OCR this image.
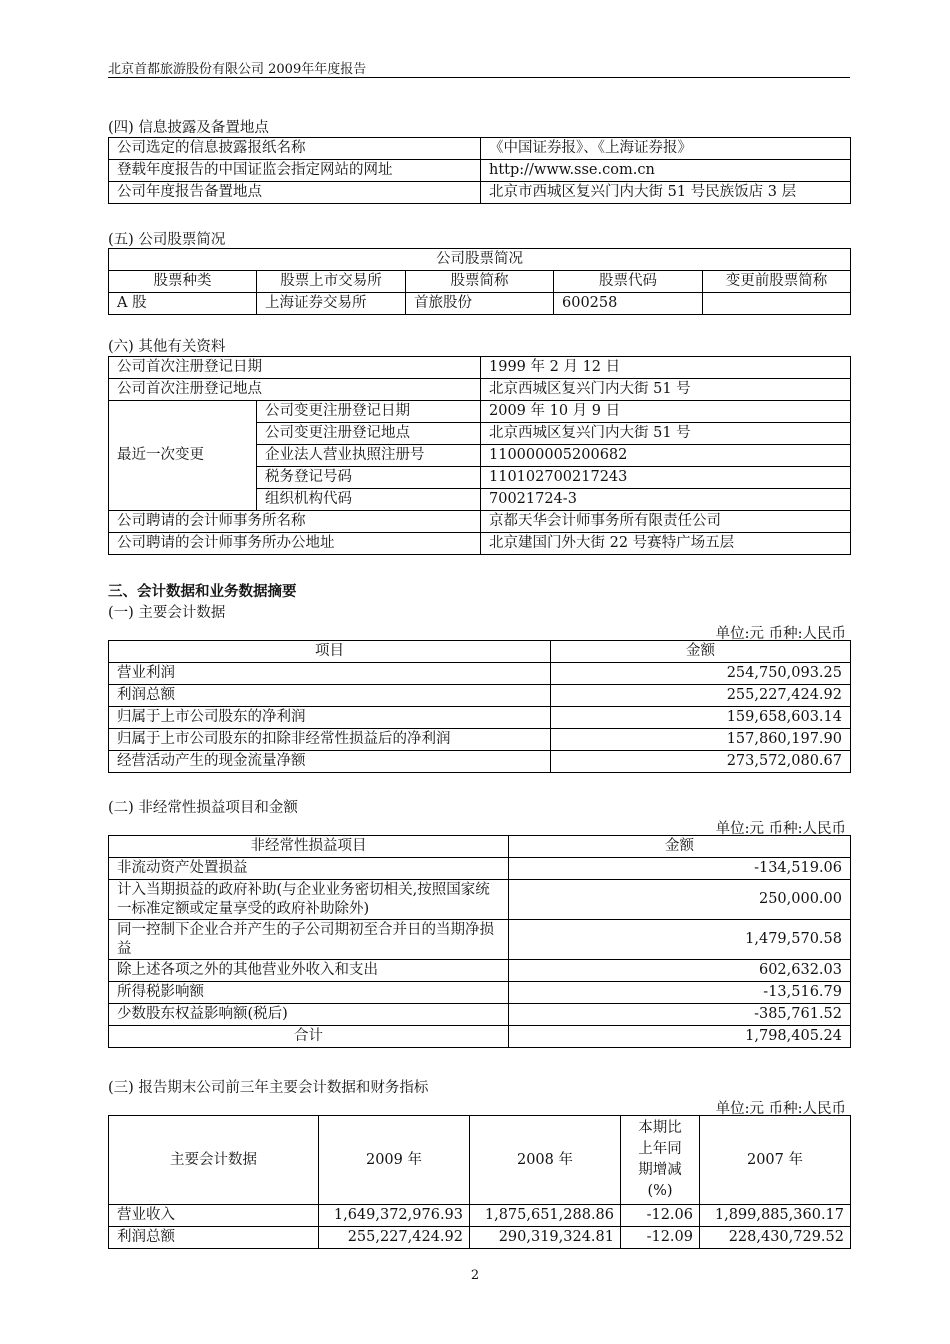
北京首都旅游股份有限公司 2009年年度报告
(四) 信息披露及备置地点
公司选定的信息披露报纸名称	《中国证券报》、《上海证券报》
登载年度报告的中国证监会指定网站的网址	http://www.sse.com.cn
公司年度报告备置地点	北京市西城区复兴门内大街 51 号民族饭店 3 层
(五) 公司股票简况
公司股票简况				
股票种类	股票上市交易所	股票简称	股票代码	变更前股票简称
A 股	上海证券交易所	首旅股份	600258	
(六) 其他有关资料
公司首次注册登记日期		1999 年 2 月 12 日
公司首次注册登记地点		北京西城区复兴门内大街 51 号
最近一次变更	公司变更注册登记日期	2009 年 10 月 9 日
	公司变更注册登记地点	北京西城区复兴门内大街 51 号
	企业法人营业执照注册号	110000005200682
	税务登记号码	110102700217243
	组织机构代码	70021724-3
公司聘请的会计师事务所名称		京都天华会计师事务所有限责任公司
公司聘请的会计师事务所办公地址		北京建国门外大街 22 号赛特广场五层
三、会计数据和业务数据摘要
(一) 主要会计数据
单位:元 币种:人民币
项目	金额
营业利润	254,750,093.25
利润总额	255,227,424.92
归属于上市公司股东的净利润	159,658,603.14
归属于上市公司股东的扣除非经常性损益后的净利润	157,860,197.90
经营活动产生的现金流量净额	273,572,080.67
(二) 非经常性损益项目和金额
单位:元 币种:人民币
非经常性损益项目	金额
非流动资产处置损益	-134,519.06
计入当期损益的政府补助(与企业业务密切相关,按照国家统一标准定额或定量享受的政府补助除外)	250,000.00
同一控制下企业合并产生的子公司期初至合并日的当期净损益	1,479,570.58
除上述各项之外的其他营业外收入和支出	602,632.03
所得税影响额	-13,516.79
少数股东权益影响额(税后)	-385,761.52
合计	1,798,405.24
(三) 报告期末公司前三年主要会计数据和财务指标
单位:元 币种:人民币
主要会计数据	2009 年	2008 年	本期比上年同期增减(%)	2007 年
营业收入	1,649,372,976.93	1,875,651,288.86	-12.06	1,899,885,360.17
利润总额	255,227,424.92	290,319,324.81	-12.09	228,430,729.52
2
